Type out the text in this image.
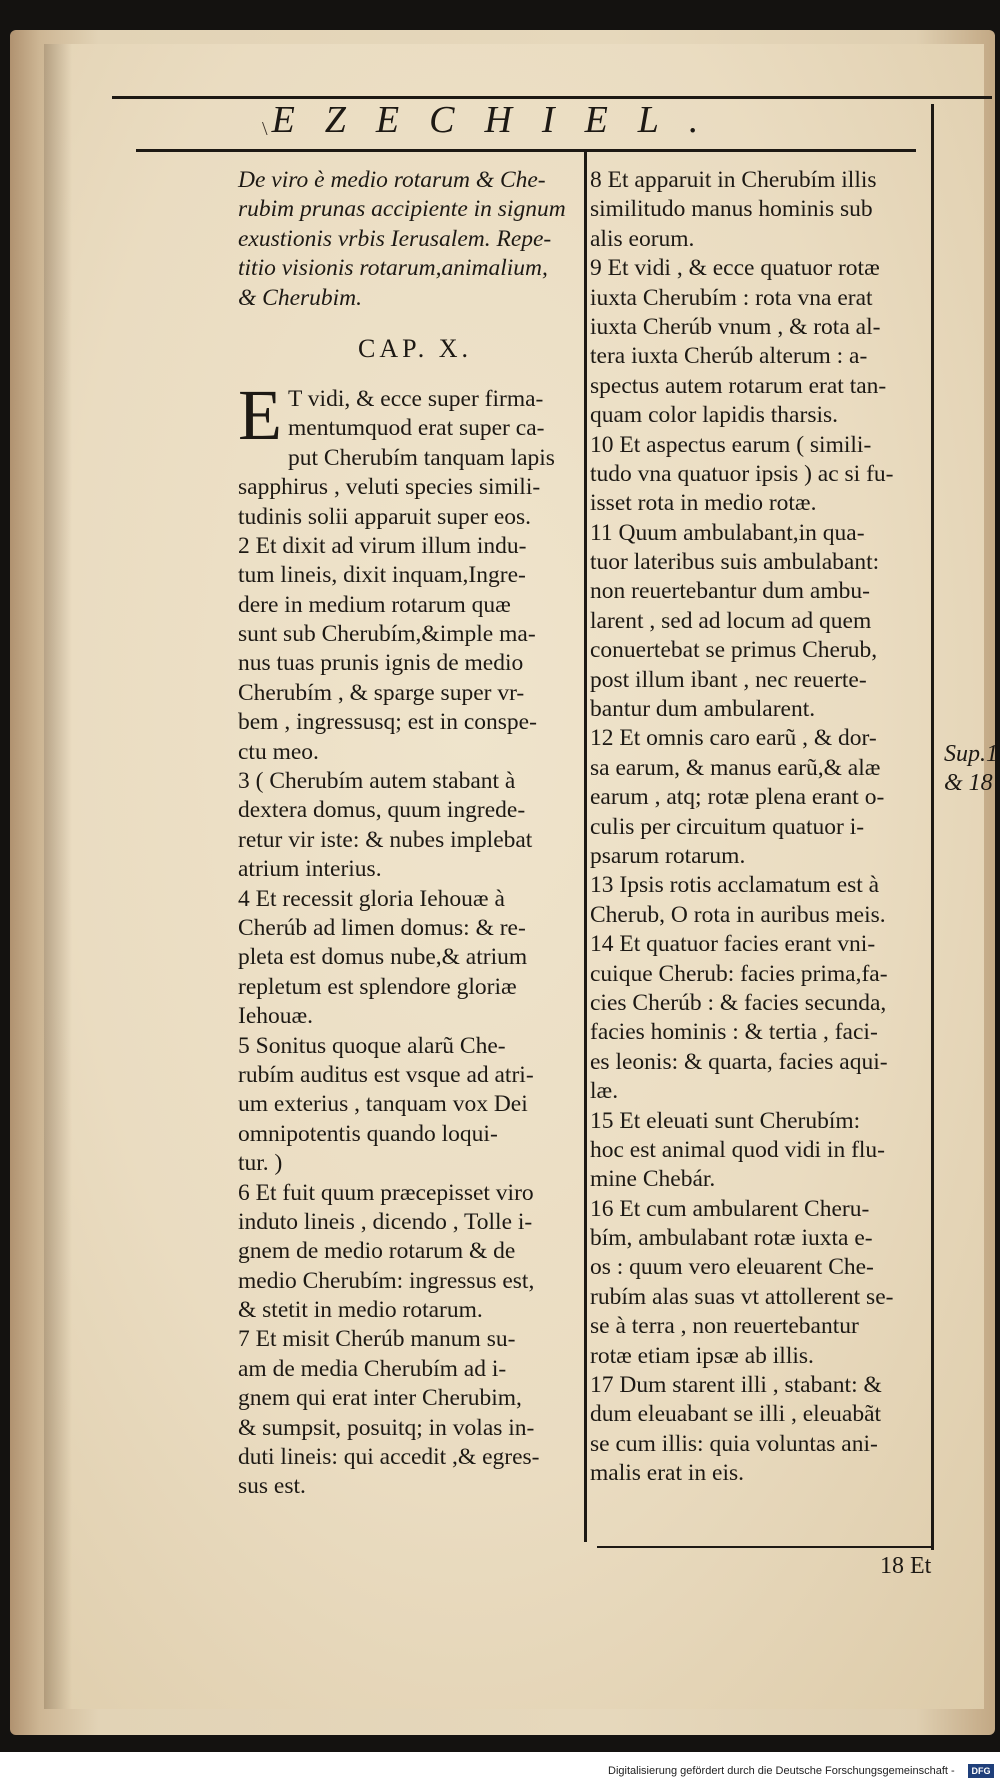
EZECHIEL.
\
De viro è medio rotarum & Che-
rubim prunas accipiente in signum
exustionis vrbis Ierusalem. Repe-
titio visionis rotarum,animalium,
& Cherubim.
CAP. X.
E T vidi, & ecce super firma-
mentumquod erat super ca-
put Cherubím tanquam lapis
sapphirus , veluti species simili-
tudinis solii apparuit super eos.
2 Et dixit ad virum illum indu-
tum lineis, dixit inquam,Ingre-
dere in medium rotarum quæ
sunt sub Cherubím,&imple ma-
nus tuas prunis ignis de medio
Cherubím , & sparge super vr-
bem , ingressusq; est in conspe-
ctu meo.
3 ( Cherubím autem stabant à
dextera domus, quum ingrede-
retur vir iste: & nubes implebat
atrium interius.
4 Et recessit gloria Iehouæ à
Cherúb ad limen domus: & re-
pleta est domus nube,& atrium
repletum est splendore gloriæ
Iehouæ.
5 Sonitus quoque alarũ Che-
rubím auditus est vsque ad atri-
um exterius , tanquam vox Dei
omnipotentis quando loqui-
tur. )
6 Et fuit quum præcepisset viro
induto lineis , dicendo , Tolle i-
gnem de medio rotarum & de
medio Cherubím: ingressus est,
& stetit in medio rotarum.
7 Et misit Cherúb manum su-
am de media Cherubím ad i-
gnem qui erat inter Cherubim,
& sumpsit, posuitq; in volas in-
duti lineis: qui accedit ,& egres-
sus est.
8 Et apparuit in Cherubím illis
similitudo manus hominis sub
alis eorum.
9 Et vidi , & ecce quatuor rotæ
iuxta Cherubím : rota vna erat
iuxta Cherúb vnum , & rota al-
tera iuxta Cherúb alterum : a-
spectus autem rotarum erat tan-
quam color lapidis tharsis.
10 Et aspectus earum ( simili-
tudo vna quatuor ipsis ) ac si fu-
isset rota in medio rotæ.
11 Quum ambulabant,in qua-
tuor lateribus suis ambulabant:
non reuertebantur dum ambu-
larent , sed ad locum ad quem
conuertebat se primus Cherub,
post illum ibant , nec reuerte-
bantur dum ambularent.
12 Et omnis caro earũ , & dor-
sa earum, & manus earũ,& alæ
earum , atq; rotæ plena erant o-
culis per circuitum quatuor i-
psarum rotarum.
13 Ipsis rotis acclamatum est à
Cherub, O rota in auribus meis.
14 Et quatuor facies erant vni-
cuique Cherub: facies prima,fa-
cies Cherúb : & facies secunda,
facies hominis : & tertia , faci-
es leonis: & quarta, facies aqui-
læ.
15 Et eleuati sunt Cherubím:
hoc est animal quod vidi in flu-
mine Chebár.
16 Et cum ambularent Cheru-
bím, ambulabant rotæ iuxta e-
os : quum vero eleuarent Che-
rubím alas suas vt attollerent se-
se à terra , non reuertebantur
rotæ etiam ipsæ ab illis.
17 Dum starent illi , stabant: &
dum eleuabant se illi , eleuabãt
se cum illis: quia voluntas ani-
malis erat in eis.
Sup.1
& 18
18 Et
Digitalisierung gefördert durch die Deutsche Forschungsgemeinschaft -	DFG
